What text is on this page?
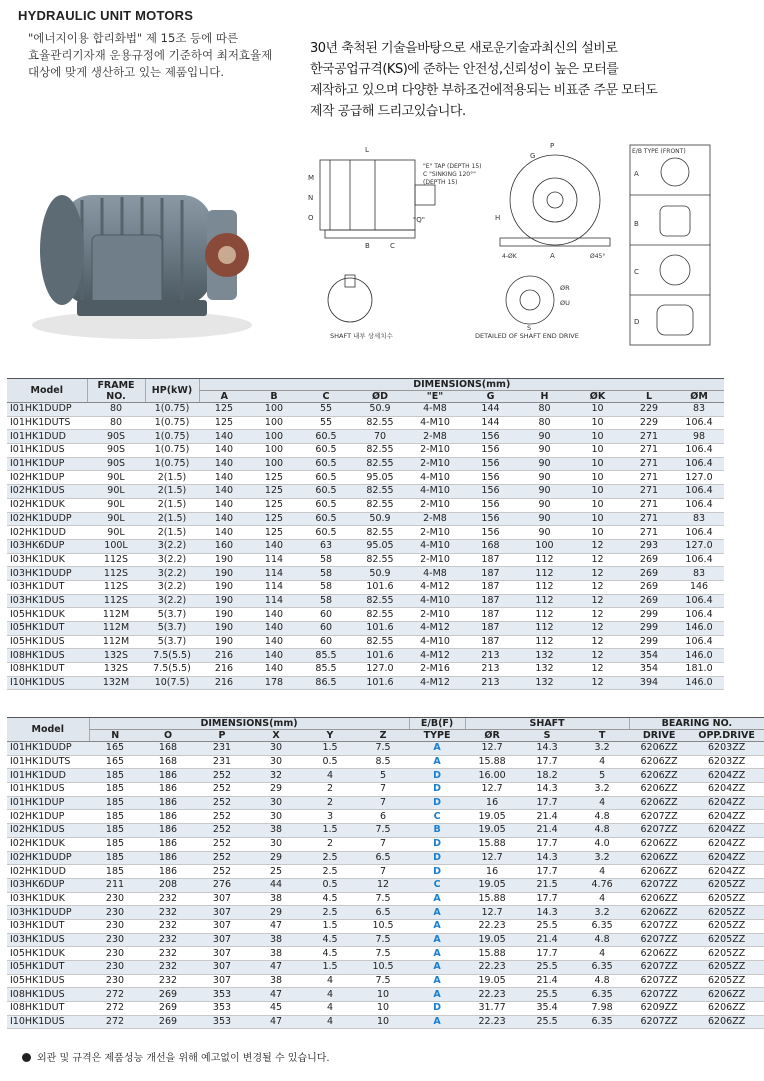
HYDRAULIC UNIT MOTORS
"에너지이용 합리화법" 제 15조 등에 따른
효율관리기자재 운용규정에 기준하여 최저효율제
대상에 맞게 생산하고 있는 제품입니다.
30년 축척된 기술을바탕으로 새로운기술과최신의 설비로
한국공업규격(KS)에 준하는 안전성,신뢰성이 높은 모터를
제작하고 있으며 다양한 부하조건에적용되는 비표준 주문 모터도
제작 공급해 드리고있습니다.
"E" TAP (DEPTH 15)
C "SINKING 120°"
(DEPTH 15)
SHAFT 내부 상세치수	DETAILED OF SHAFT END DRIVE
E/B TYPE (FRONT)
A
B
C
D
L
M
N
O
B	C
"Q"
P
G
H
A
4-ØK	Ø45°
ØR
ØU
S
Model	FRAME NO.	HP(kW)	DIMENSIONS(mm)									
			A	B	C	ØD	"E"	G	H	ØK	L	ØM
I01HK1DUDP	80	1(0.75)	125	100	55	50.9	4-M8	144	80	10	229	83
I01HK1DUTS	80	1(0.75)	125	100	55	82.55	4-M10	144	80	10	229	106.4
I01HK1DUD	90S	1(0.75)	140	100	60.5	70	2-M8	156	90	10	271	98
I01HK1DUS	90S	1(0.75)	140	100	60.5	82.55	2-M10	156	90	10	271	106.4
I01HK1DUP	90S	1(0.75)	140	100	60.5	82.55	2-M10	156	90	10	271	106.4
I02HK1DUP	90L	2(1.5)	140	125	60.5	95.05	4-M10	156	90	10	271	127.0
I02HK1DUS	90L	2(1.5)	140	125	60.5	82.55	4-M10	156	90	10	271	106.4
I02HK1DUK	90L	2(1.5)	140	125	60.5	82.55	2-M10	156	90	10	271	106.4
I02HK1DUDP	90L	2(1.5)	140	125	60.5	50.9	2-M8	156	90	10	271	83
I02HK1DUD	90L	2(1.5)	140	125	60.5	82.55	2-M10	156	90	10	271	106.4
I03HK6DUP	100L	3(2.2)	160	140	63	95.05	4-M10	168	100	12	293	127.0
I03HK1DUK	112S	3(2.2)	190	114	58	82.55	2-M10	187	112	12	269	106.4
I03HK1DUDP	112S	3(2.2)	190	114	58	50.9	4-M8	187	112	12	269	83
I03HK1DUT	112S	3(2.2)	190	114	58	101.6	4-M12	187	112	12	269	146
I03HK1DUS	112S	3(2.2)	190	114	58	82.55	4-M10	187	112	12	269	106.4
I05HK1DUK	112M	5(3.7)	190	140	60	82.55	2-M10	187	112	12	299	106.4
I05HK1DUT	112M	5(3.7)	190	140	60	101.6	4-M12	187	112	12	299	146.0
I05HK1DUS	112M	5(3.7)	190	140	60	82.55	4-M10	187	112	12	299	106.4
I08HK1DUS	132S	7.5(5.5)	216	140	85.5	101.6	4-M12	213	132	12	354	146.0
I08HK1DUT	132S	7.5(5.5)	216	140	85.5	127.0	2-M16	213	132	12	354	181.0
I10HK1DUS	132M	10(7.5)	216	178	86.5	101.6	4-M12	213	132	12	394	146.0
Model	DIMENSIONS(mm)						E/B(F)	SHAFT			BEARING NO.	
	N	O	P	X	Y	Z	TYPE	ØR	S	T	DRIVE	OPP.DRIVE
I01HK1DUDP	165	168	231	30	1.5	7.5	A	12.7	14.3	3.2	6206ZZ	6203ZZ
I01HK1DUTS	165	168	231	30	0.5	8.5	A	15.88	17.7	4	6206ZZ	6203ZZ
I01HK1DUD	185	186	252	32	4	5	D	16.00	18.2	5	6206ZZ	6204ZZ
I01HK1DUS	185	186	252	29	2	7	D	12.7	14.3	3.2	6206ZZ	6204ZZ
I01HK1DUP	185	186	252	30	2	7	D	16	17.7	4	6206ZZ	6204ZZ
I02HK1DUP	185	186	252	30	3	6	C	19.05	21.4	4.8	6207ZZ	6204ZZ
I02HK1DUS	185	186	252	38	1.5	7.5	B	19.05	21.4	4.8	6207ZZ	6204ZZ
I02HK1DUK	185	186	252	30	2	7	D	15.88	17.7	4.0	6206ZZ	6204ZZ
I02HK1DUDP	185	186	252	29	2.5	6.5	D	12.7	14.3	3.2	6206ZZ	6204ZZ
I02HK1DUD	185	186	252	25	2.5	7	D	16	17.7	4	6206ZZ	6204ZZ
I03HK6DUP	211	208	276	44	0.5	12	C	19.05	21.5	4.76	6207ZZ	6205ZZ
I03HK1DUK	230	232	307	38	4.5	7.5	A	15.88	17.7	4	6206ZZ	6205ZZ
I03HK1DUDP	230	232	307	29	2.5	6.5	A	12.7	14.3	3.2	6206ZZ	6205ZZ
I03HK1DUT	230	232	307	47	1.5	10.5	A	22.23	25.5	6.35	6207ZZ	6205ZZ
I03HK1DUS	230	232	307	38	4.5	7.5	A	19.05	21.4	4.8	6207ZZ	6205ZZ
I05HK1DUK	230	232	307	38	4.5	7.5	A	15.88	17.7	4	6206ZZ	6205ZZ
I05HK1DUT	230	232	307	47	1.5	10.5	A	22.23	25.5	6.35	6207ZZ	6205ZZ
I05HK1DUS	230	232	307	38	4	7.5	A	19.05	21.4	4.8	6207ZZ	6205ZZ
I08HK1DUS	272	269	353	47	4	10	A	22.23	25.5	6.35	6207ZZ	6206ZZ
I08HK1DUT	272	269	353	45	4	10	D	31.77	35.4	7.98	6209ZZ	6206ZZ
I10HK1DUS	272	269	353	47	4	10	A	22.23	25.5	6.35	6207ZZ	6206ZZ
외관 및 규격은 제품성능 개선을 위해 예고없이 변경될 수 있습니다.
